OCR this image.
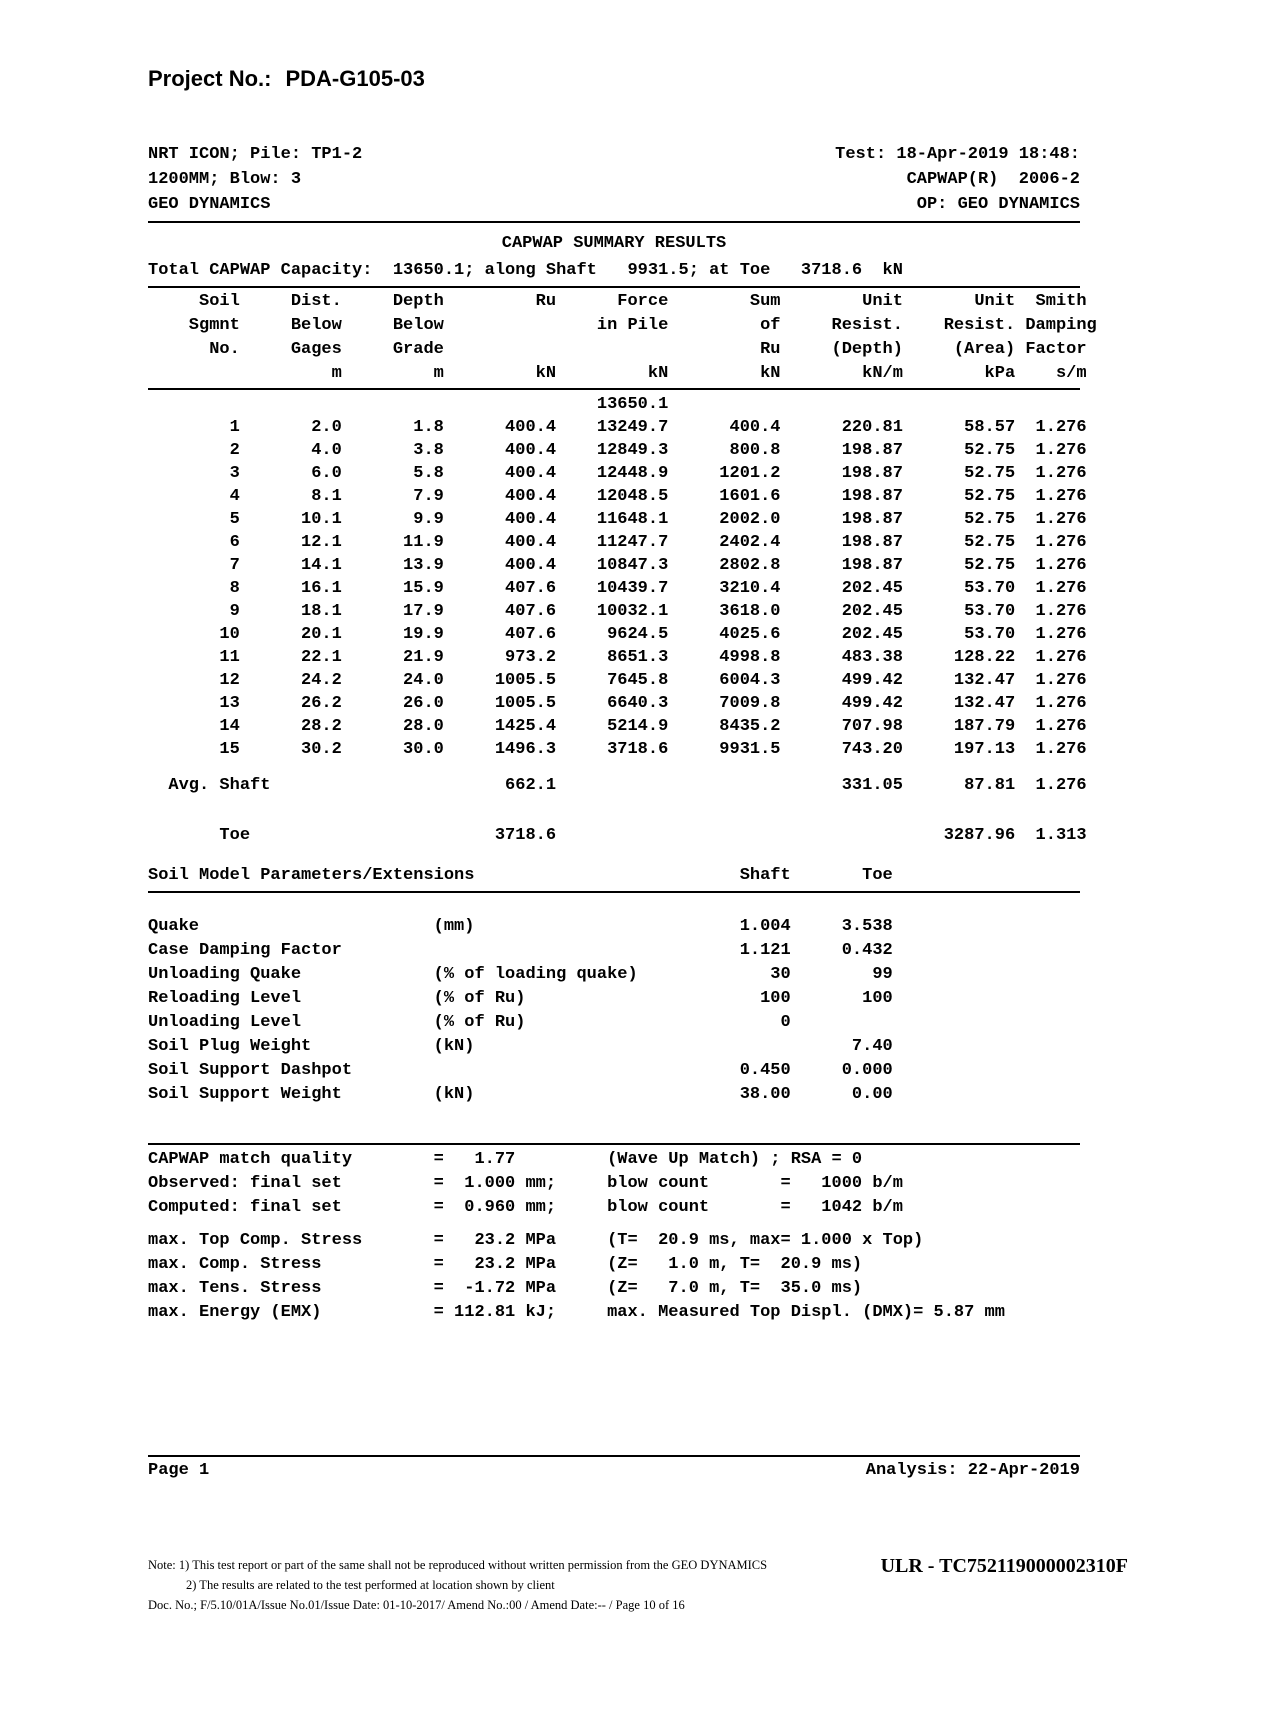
Project No.: PDA-G105-03
NRT ICON; Pile: TP1-2	Test: 18-Apr-2019 18:48:
1200MM; Blow: 3	CAPWAP(R)  2006-2
GEO DYNAMICS	OP: GEO DYNAMICS
CAPWAP SUMMARY RESULTS
Total CAPWAP Capacity:  13650.1; along Shaft   9931.5; at Toe   3718.6  kN
Soil     Dist.     Depth         Ru      Force        Sum        Unit       Unit  Smith
Sgmnt     Below     Below               in Pile         of     Resist.    Resist. Damping
No.     Gages     Grade                               Ru     (Depth)     (Area) Factor
m         m         kN         kN         kN        kN/m        kPa    s/m
13650.1
1       2.0       1.8      400.4    13249.7      400.4      220.81      58.57  1.276
2       4.0       3.8      400.4    12849.3      800.8      198.87      52.75  1.276
3       6.0       5.8      400.4    12448.9     1201.2      198.87      52.75  1.276
4       8.1       7.9      400.4    12048.5     1601.6      198.87      52.75  1.276
5      10.1       9.9      400.4    11648.1     2002.0      198.87      52.75  1.276
6      12.1      11.9      400.4    11247.7     2402.4      198.87      52.75  1.276
7      14.1      13.9      400.4    10847.3     2802.8      198.87      52.75  1.276
8      16.1      15.9      407.6    10439.7     3210.4      202.45      53.70  1.276
9      18.1      17.9      407.6    10032.1     3618.0      202.45      53.70  1.276
10      20.1      19.9      407.6     9624.5     4025.6      202.45      53.70  1.276
11      22.1      21.9      973.2     8651.3     4998.8      483.38     128.22  1.276
12      24.2      24.0     1005.5     7645.8     6004.3      499.42     132.47  1.276
13      26.2      26.0     1005.5     6640.3     7009.8      499.42     132.47  1.276
14      28.2      28.0     1425.4     5214.9     8435.2      707.98     187.79  1.276
15      30.2      30.0     1496.3     3718.6     9931.5      743.20     197.13  1.276
Avg. Shaft                       662.1                            331.05      87.81  1.276
Toe                        3718.6                                      3287.96  1.313
Soil Model Parameters/Extensions                          Shaft       Toe
Quake                       (mm)                          1.004     3.538
Case Damping Factor                                       1.121     0.432
Unloading Quake             (% of loading quake)             30        99
Reloading Level             (% of Ru)                       100       100
Unloading Level             (% of Ru)                         0
Soil Plug Weight            (kN)                                     7.40
Soil Support Dashpot                                      0.450     0.000
Soil Support Weight         (kN)                          38.00      0.00
CAPWAP match quality        =   1.77         (Wave Up Match) ; RSA = 0
Observed: final set         =  1.000 mm;     blow count       =   1000 b/m
Computed: final set         =  0.960 mm;     blow count       =   1042 b/m
max. Top Comp. Stress       =   23.2 MPa     (T=  20.9 ms, max= 1.000 x Top)
max. Comp. Stress           =   23.2 MPa     (Z=   1.0 m, T=  20.9 ms)
max. Tens. Stress           =  -1.72 MPa     (Z=   7.0 m, T=  35.0 ms)
max. Energy (EMX)           = 112.81 kJ;     max. Measured Top Displ. (DMX)= 5.87 mm
Page 1	Analysis: 22-Apr-2019
Note: 1) This test report or part of the same shall not be reproduced without written permission from the GEO DYNAMICS
2) The results are related to the test performed at location shown by client
Doc. No.; F/5.10/01A/Issue No.01/Issue Date: 01-10-2017/ Amend No.:00 / Amend Date:-- / Page 10 of 16
ULR - TC752119000002310F
